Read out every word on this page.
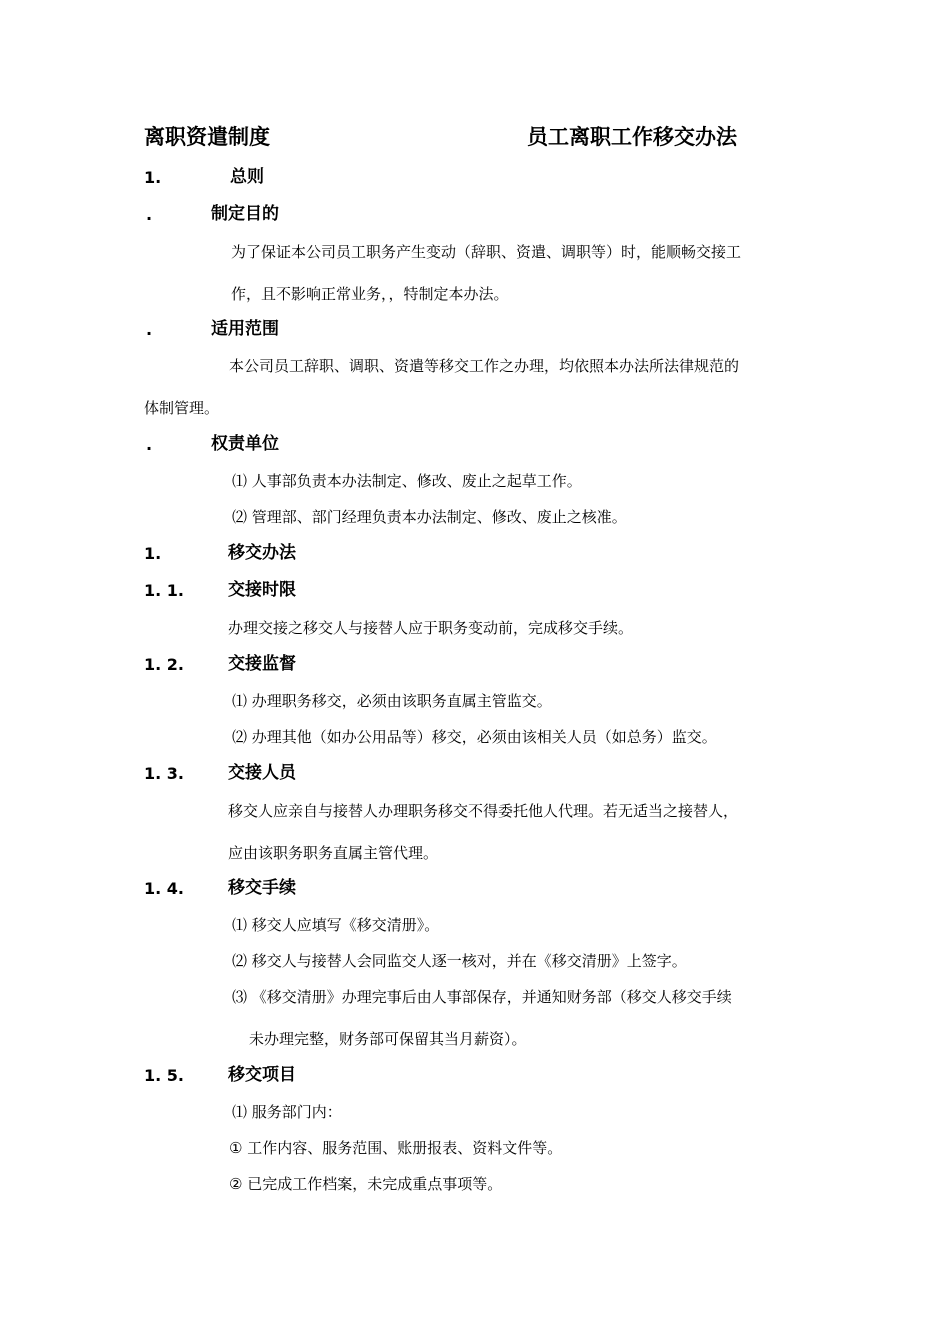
离职资遣制度	员工离职工作移交办法
1.	总则
.	制定目的
为了保证本公司员工职务产生变动（辞职、资遣、调职等）时，能顺畅交接工
作，且不影响正常业务，，特制定本办法。
.	适用范围
本公司员工辞职、调职、资遣等移交工作之办理，均依照本办法所法律规范的
体制管理。
.	权责单位
⑴ 人事部负责本办法制定、修改、废止之起草工作。
⑵ 管理部、部门经理负责本办法制定、修改、废止之核准。
1.	移交办法
1. 1.	交接时限
办理交接之移交人与接替人应于职务变动前，完成移交手续。
1. 2.	交接监督
⑴ 办理职务移交，必须由该职务直属主管监交。
⑵ 办理其他（如办公用品等）移交，必须由该相关人员（如总务）监交。
1. 3.	交接人员
移交人应亲自与接替人办理职务移交不得委托他人代理。若无适当之接替人，
应由该职务职务直属主管代理。
1. 4.	移交手续
⑴ 移交人应填写《移交清册》。
⑵ 移交人与接替人会同监交人逐一核对，并在《移交清册》上签字。
⑶ 《移交清册》办理完事后由人事部保存，并通知财务部（移交人移交手续
未办理完整，财务部可保留其当月薪资）。
1. 5.	移交项目
⑴ 服务部门内：
① 工作内容、服务范围、账册报表、资料文件等。
② 已完成工作档案，未完成重点事项等。
